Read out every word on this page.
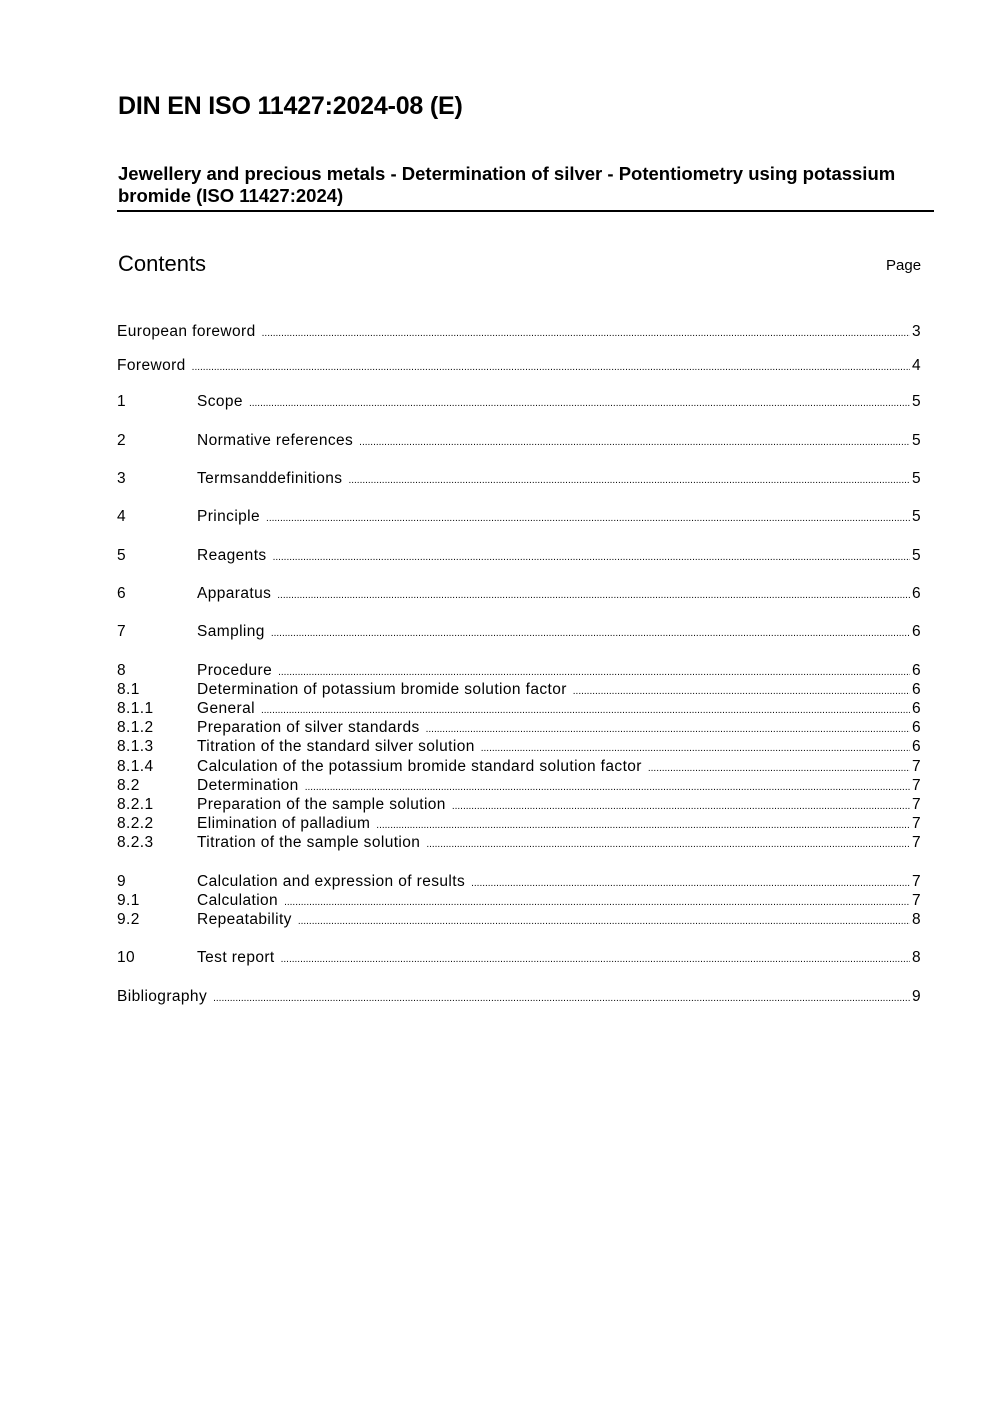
DIN EN ISO 11427:2024-08 (E)
Jewellery and precious metals - Determination of silver - Potentiometry using potassium bromide (ISO 11427:2024)
Contents	Page
European foreword .....	3
Foreword .....	4
1	Scope .....	5
2	Normative references .....	5
3	Termsanddefinitions .....	5
4	Principle .....	5
5	Reagents .....	5
6	Apparatus .....	6
7	Sampling .....	6
8	Procedure .....	6
8.1	Determination of potassium bromide solution factor .....	6
8.1.1	General .....	6
8.1.2	Preparation of silver standards .....	6
8.1.3	Titration of the standard silver solution .....	6
8.1.4	Calculation of the potassium bromide standard solution factor .....	7
8.2	Determination .....	7
8.2.1	Preparation of the sample solution .....	7
8.2.2	Elimination of palladium .....	7
8.2.3	Titration of the sample solution .....	7
9	Calculation and expression of results .....	7
9.1	Calculation .....	7
9.2	Repeatability .....	8
10	Test report .....	8
Bibliography .....	9
